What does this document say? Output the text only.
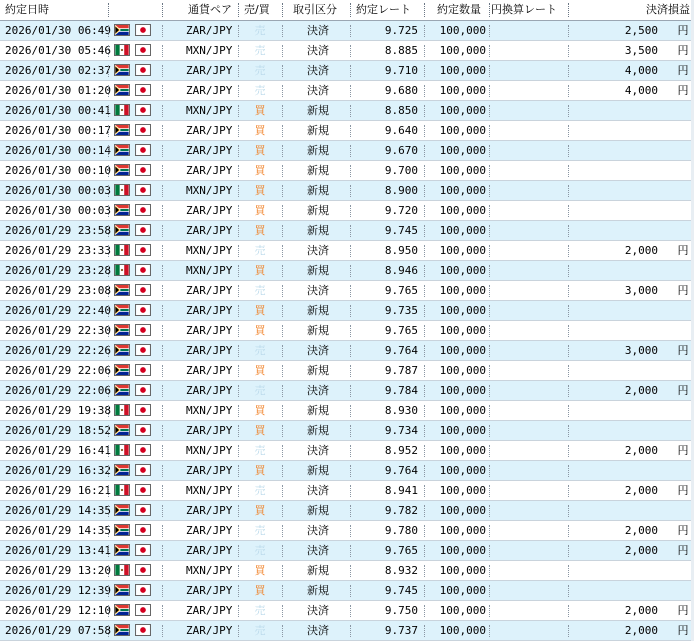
約定日時	通貨ペア 売/買 取引区分 約定レート 約定数量 円換算レート	決済損益
2026/01/30 06:49	ZAR/JPY	売	決済	9.725	100,000	2,500	円
2026/01/30 05:46	MXN/JPY	売	決済	8.885	100,000	3,500	円
2026/01/30 02:37	ZAR/JPY	売	決済	9.710	100,000	4,000	円
2026/01/30 01:20	ZAR/JPY	売	決済	9.680	100,000	4,000	円
2026/01/30 00:41	MXN/JPY	買	新規	8.850	100,000
2026/01/30 00:17	ZAR/JPY	買	新規	9.640	100,000
2026/01/30 00:14	ZAR/JPY	買	新規	9.670	100,000
2026/01/30 00:10	ZAR/JPY	買	新規	9.700	100,000
2026/01/30 00:03	MXN/JPY	買	新規	8.900	100,000
2026/01/30 00:03	ZAR/JPY	買	新規	9.720	100,000
2026/01/29 23:58	ZAR/JPY	買	新規	9.745	100,000
2026/01/29 23:33	MXN/JPY	売	決済	8.950	100,000	2,000	円
2026/01/29 23:28	MXN/JPY	買	新規	8.946	100,000
2026/01/29 23:08	ZAR/JPY	売	決済	9.765	100,000	3,000	円
2026/01/29 22:40	ZAR/JPY	買	新規	9.735	100,000
2026/01/29 22:30	ZAR/JPY	買	新規	9.765	100,000
2026/01/29 22:26	ZAR/JPY	売	決済	9.764	100,000	3,000	円
2026/01/29 22:06	ZAR/JPY	買	新規	9.787	100,000
2026/01/29 22:06	ZAR/JPY	売	決済	9.784	100,000	2,000	円
2026/01/29 19:38	MXN/JPY	買	新規	8.930	100,000
2026/01/29 18:52	ZAR/JPY	買	新規	9.734	100,000
2026/01/29 16:41	MXN/JPY	売	決済	8.952	100,000	2,000	円
2026/01/29 16:32	ZAR/JPY	買	新規	9.764	100,000
2026/01/29 16:21	MXN/JPY	売	決済	8.941	100,000	2,000	円
2026/01/29 14:35	ZAR/JPY	買	新規	9.782	100,000
2026/01/29 14:35	ZAR/JPY	売	決済	9.780	100,000	2,000	円
2026/01/29 13:41	ZAR/JPY	売	決済	9.765	100,000	2,000	円
2026/01/29 13:20	MXN/JPY	買	新規	8.932	100,000
2026/01/29 12:39	ZAR/JPY	買	新規	9.745	100,000
2026/01/29 12:10	ZAR/JPY	売	決済	9.750	100,000	2,000	円
2026/01/29 07:58	ZAR/JPY	売	決済	9.737	100,000	2,000	円
